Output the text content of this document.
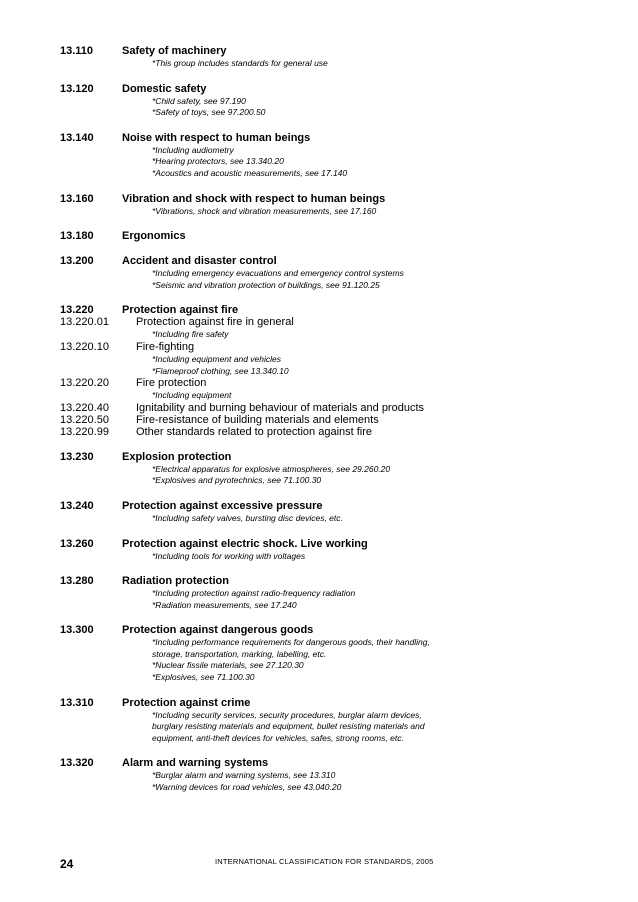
13.110	Safety of machinery
*This group includes standards for general use
13.120	Domestic safety
*Child safety, see 97.190
*Safety of toys, see 97.200.50
13.140	Noise with respect to human beings
*Including audiometry
*Hearing protectors, see 13.340.20
*Acoustics and acoustic measurements, see 17.140
13.160	Vibration and shock with respect to human beings
*Vibrations, shock and vibration measurements, see 17.160
13.180	Ergonomics
13.200	Accident and disaster control
*Including emergency evacuations and emergency control systems
*Seismic and vibration protection of buildings, see 91.120.25
13.220	Protection against fire
13.220.01	Protection against fire in general
*Including fire safety
13.220.10	Fire-fighting
*Including equipment and vehicles
*Flameproof clothing, see 13.340.10
13.220.20	Fire protection
*Including equipment
13.220.40	Ignitability and burning behaviour of materials and products
13.220.50	Fire-resistance of building materials and elements
13.220.99	Other standards related to protection against fire
13.230	Explosion protection
*Electrical apparatus for explosive atmospheres, see 29.260.20
*Explosives and pyrotechnics, see 71.100.30
13.240	Protection against excessive pressure
*Including safety valves, bursting disc devices, etc.
13.260	Protection against electric shock. Live working
*Including tools for working with voltages
13.280	Radiation protection
*Including protection against radio-frequency radiation
*Radiation measurements, see 17.240
13.300	Protection against dangerous goods
*Including performance requirements for dangerous goods, their handling, storage, transportation, marking, labelling, etc.
*Nuclear fissile materials, see 27.120.30
*Explosives, see 71.100.30
13.310	Protection against crime
*Including security services, security procedures, burglar alarm devices, burglary resisting materials and equipment, bullet resisting materials and equipment, anti-theft devices for vehicles, safes, strong rooms, etc.
13.320	Alarm and warning systems
*Burglar alarm and warning systems, see 13.310
*Warning devices for road vehicles, see 43.040.20
24	INTERNATIONAL CLASSIFICATION FOR STANDARDS, 2005
